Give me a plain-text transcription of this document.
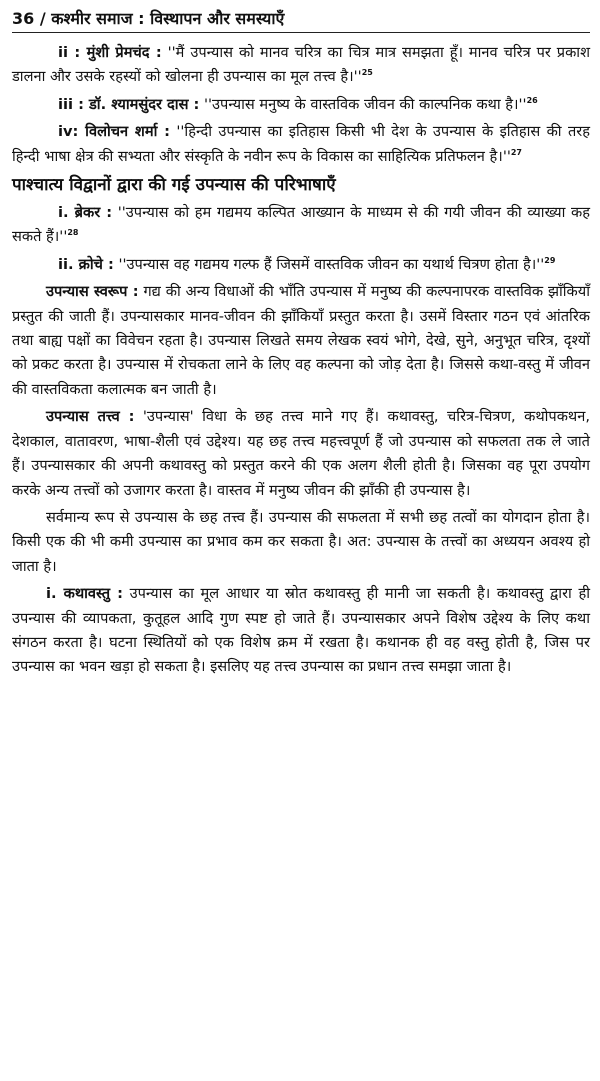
36 / कश्मीर समाज : विस्थापन और समस्याएँ

ii : मुंशी प्रेमचंद : ''मैं उपन्यास को मानव चरित्र का चित्र मात्र समझता हूँ। मानव चरित्र पर प्रकाश डालना और उसके रहस्यों को खोलना ही उपन्यास का मूल तत्त्व है।''$^{25}$

iii : डॉ. श्यामसुंदर दास : ''उपन्यास मनुष्य के वास्तविक जीवन की काल्पनिक कथा है।''$^{26}$

iv: विलोचन शर्मा : ''हिन्दी उपन्यास का इतिहास किसी भी देश के उपन्यास के इतिहास की तरह हिन्दी भाषा क्षेत्र की सभ्यता और संस्कृति के नवीन रूप के विकास का साहित्यिक प्रतिफलन है।''$^{27}$

पाश्चात्य विद्वानों द्वारा की गई उपन्यास की परिभाषाएँ

i. ब्रेकर : ''उपन्यास को हम गद्यमय कल्पित आख्यान के माध्यम से की गयी जीवन की व्याख्या कह सकते हैं।''$^{28}$

ii. क्रोचे : ''उपन्यास वह गद्यमय गल्फ हैं जिसमें वास्तविक जीवन का यथार्थ चित्रण होता है।''$^{29}$

उपन्यास स्वरूप : गद्य की अन्य विधाओं की भाँति उपन्यास में मनुष्य की कल्पनापरक वास्तविक झाँकियाँ प्रस्तुत की जाती हैं। उपन्यासकार मानव-जीवन की झाँकियाँ प्रस्तुत करता है। उसमें विस्तार गठन एवं आंतरिक तथा बाह्य पक्षों का विवेचन रहता है। उपन्यास लिखते समय लेखक स्वयं भोगे, देखे, सुने, अनुभूत चरित्र, दृश्यों को प्रकट करता है। उपन्यास में रोचकता लाने के लिए वह कल्पना को जोड़ देता है। जिससे कथा-वस्तु में जीवन की वास्तविकता कलात्मक बन जाती है।

उपन्यास तत्त्व : 'उपन्यास' विधा के छह तत्त्व माने गए हैं। कथावस्तु, चरित्र-चित्रण, कथोपकथन, देशकाल, वातावरण, भाषा-शैली एवं उद्देश्य। यह छह तत्त्व महत्त्वपूर्ण हैं जो उपन्यास को सफलता तक ले जाते हैं। उपन्यासकार की अपनी कथावस्तु को प्रस्तुत करने की एक अलग शैली होती है। जिसका वह पूरा उपयोग करके अन्य तत्त्वों को उजागर करता है। वास्तव में मनुष्य जीवन की झाँकी ही उपन्यास है।

सर्वमान्य रूप से उपन्यास के छह तत्त्व हैं। उपन्यास की सफलता में सभी छह तत्वों का योगदान होता है। किसी एक की भी कमी उपन्यास का प्रभाव कम कर सकता है। अत: उपन्यास के तत्त्वों का अध्ययन अवश्य हो जाता है।

i. कथावस्तु : उपन्यास का मूल आधार या स्रोत कथावस्तु ही मानी जा सकती है। कथावस्तु द्वारा ही उपन्यास की व्यापकता, कुतूहल आदि गुण स्पष्ट हो जाते हैं। उपन्यासकार अपने विशेष उद्देश्य के लिए कथा संगठन करता है। घटना स्थितियों को एक विशेष क्रम में रखता है। कथानक ही वह वस्तु होती है, जिस पर उपन्यास का भवन खड़ा हो सकता है। इसलिए यह तत्त्व उपन्यास का प्रधान तत्त्व समझा जाता है।
